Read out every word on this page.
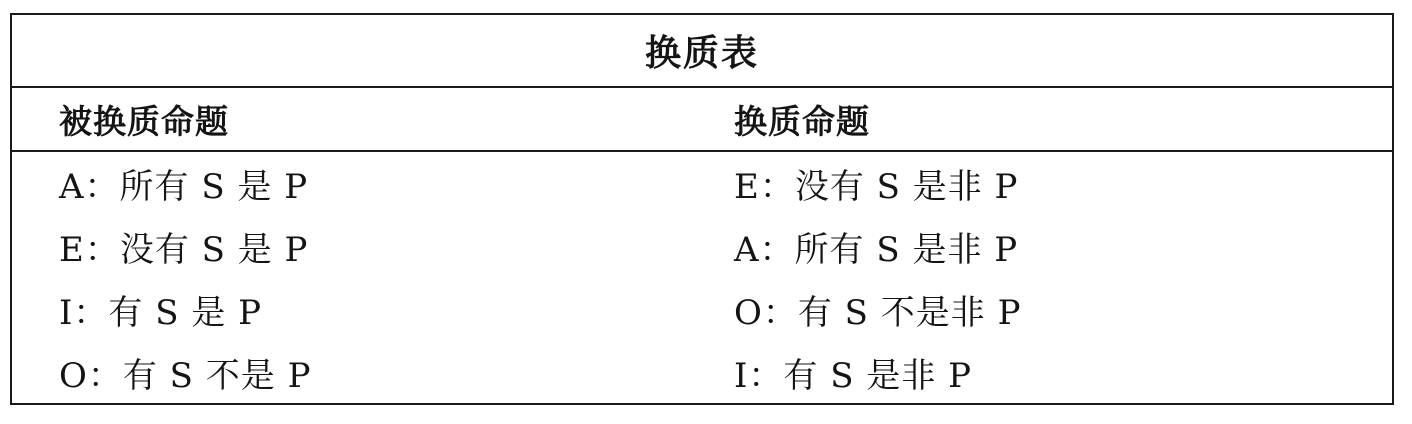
换质表
被换质命题	换质命题
A：所有 S 是 P	E：没有 S 是非 P
E：没有 S 是 P	A：所有 S 是非 P
I：有 S 是 P	O：有 S 不是非 P
O：有 S 不是 P	I：有 S 是非 P
